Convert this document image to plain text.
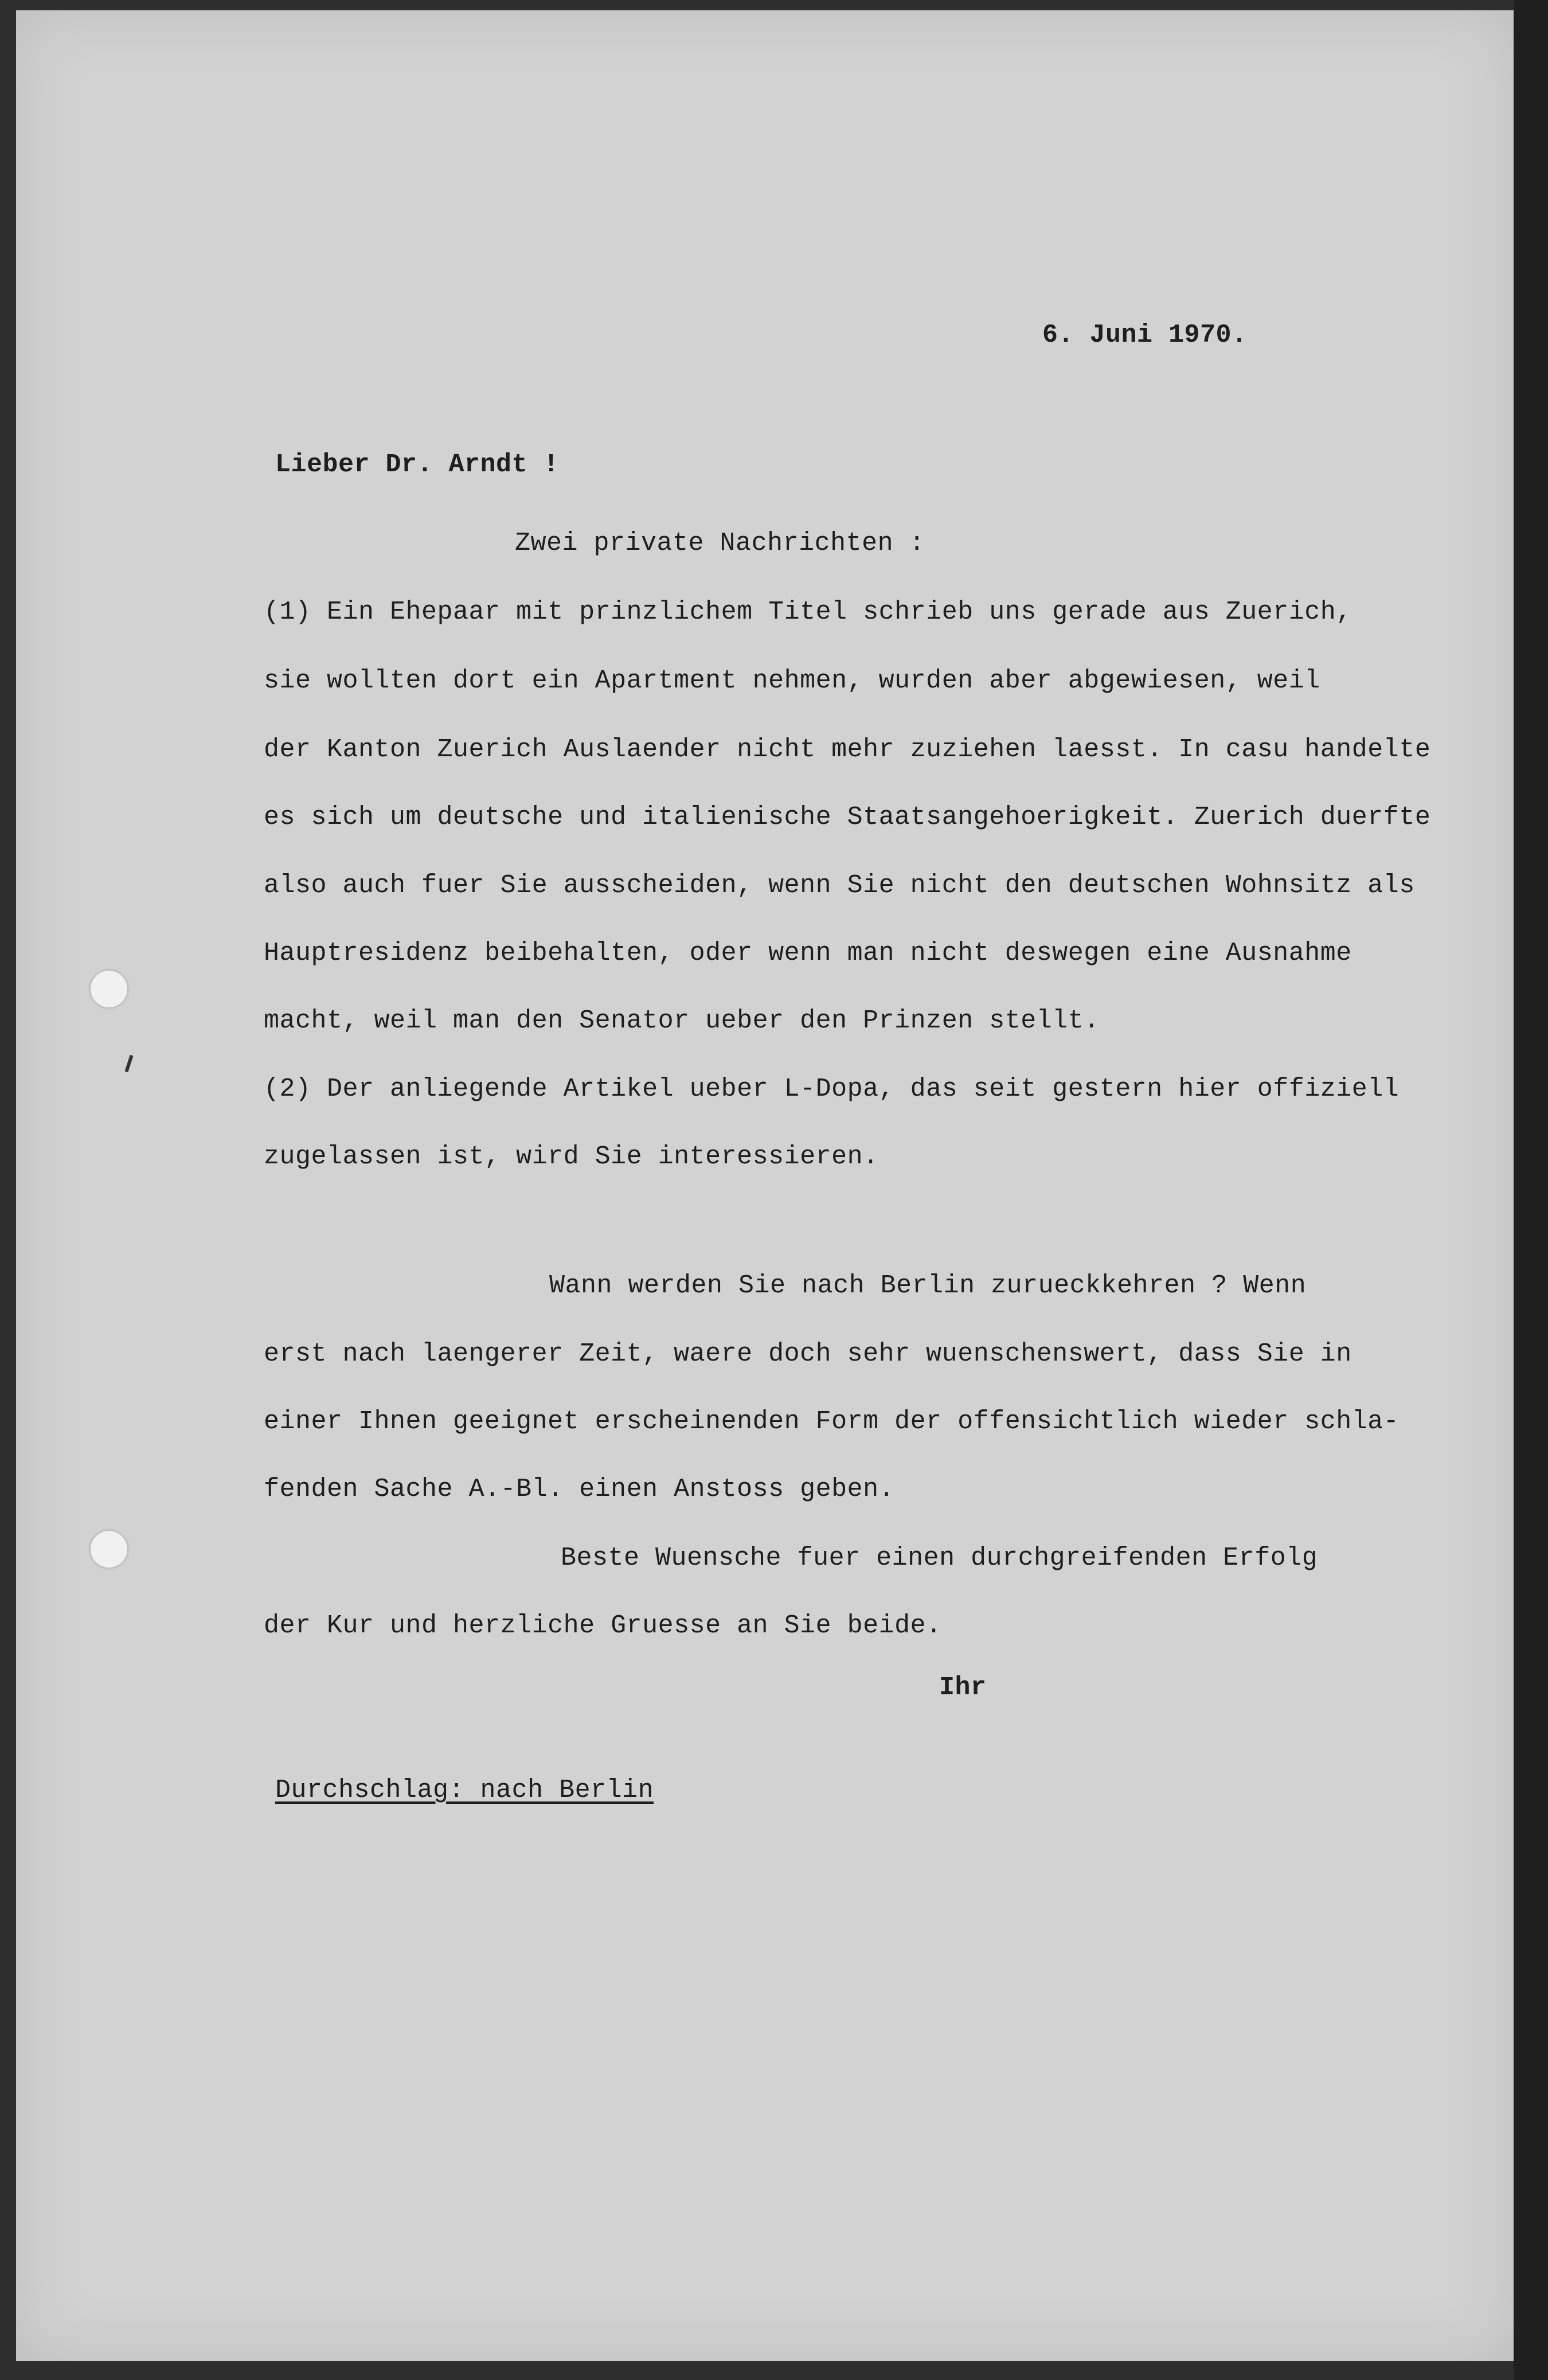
6. Juni 1970.

Lieber Dr. Arndt !

Zwei private Nachrichten :

(1) Ein Ehepaar mit prinzlichem Titel schrieb uns gerade aus Zuerich,

sie wollten dort ein Apartment nehmen, wurden aber abgewiesen, weil

der Kanton Zuerich Auslaender nicht mehr zuziehen laesst. In casu handelte

es sich um deutsche und italienische Staatsangehoerigkeit. Zuerich duerfte

also auch fuer Sie ausscheiden, wenn Sie nicht den deutschen Wohnsitz als

Hauptresidenz beibehalten, oder wenn man nicht deswegen eine Ausnahme

macht, weil man den Senator ueber den Prinzen stellt.

(2) Der anliegende Artikel ueber L-Dopa, das seit gestern hier offiziell

zugelassen ist, wird Sie interessieren.

Wann werden Sie nach Berlin zurueckkehren ? Wenn

erst nach laengerer Zeit, waere doch sehr wuenschenswert, dass Sie in

einer Ihnen geeignet erscheinenden Form der offensichtlich wieder schla-

fenden Sache A.-Bl. einen Anstoss geben.

Beste Wuensche fuer einen durchgreifenden Erfolg

der Kur und herzliche Gruesse an Sie beide.

Ihr

Durchschlag: nach Berlin
